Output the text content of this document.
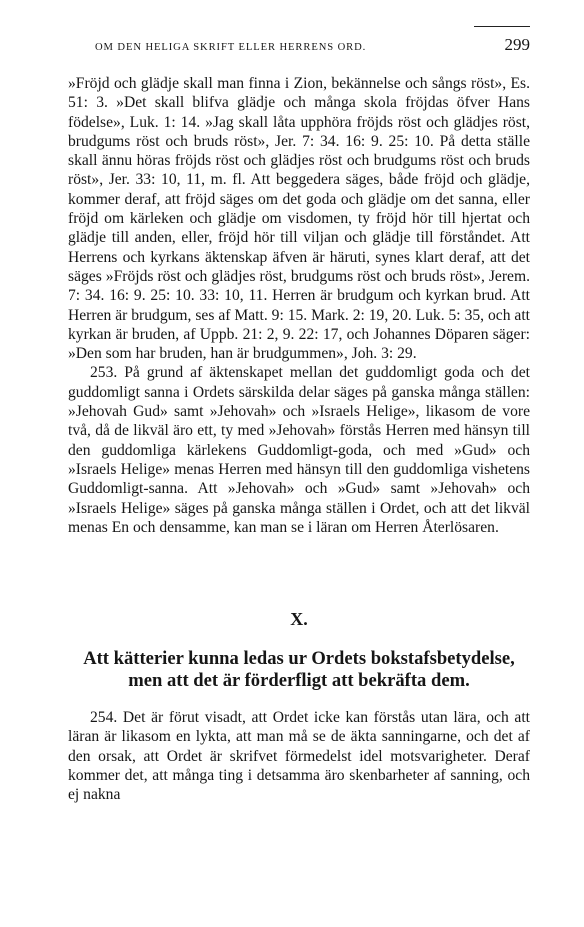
OM DEN HELIGA SKRIFT ELLER HERRENS ORD.	299

»Fröjd och glädje skall man finna i Zion, bekännelse och sångs röst», Es. 51: 3. »Det skall blifva glädje och många skola fröjdas öfver Hans födelse», Luk. 1: 14. »Jag skall låta upphöra fröjds röst och glädjes röst, brudgums röst och bruds röst», Jer. 7: 34. 16: 9. 25: 10. På detta ställe skall ännu höras fröjds röst och glädjes röst och brudgums röst och bruds röst», Jer. 33: 10, 11, m. fl. Att beggedera säges, både fröjd och glädje, kommer deraf, att fröjd säges om det goda och glädje om det sanna, eller fröjd om kärleken och glädje om visdomen, ty fröjd hör till hjertat och glädje till anden, eller, fröjd hör till viljan och glädje till förståndet. Att Herrens och kyrkans äktenskap äfven är häruti, synes klart deraf, att det säges »Fröjds röst och glädjes röst, brudgums röst och bruds röst», Jerem. 7: 34. 16: 9. 25: 10. 33: 10, 11. Herren är brudgum och kyrkan brud. Att Herren är brudgum, ses af Matt. 9: 15. Mark. 2: 19, 20. Luk. 5: 35, och att kyrkan är bruden, af Uppb. 21: 2, 9. 22: 17, och Johannes Döparen säger: »Den som har bruden, han är brudgummen», Joh. 3: 29.

253. På grund af äktenskapet mellan det guddomligt goda och det guddomligt sanna i Ordets särskilda delar säges på ganska många ställen: »Jehovah Gud» samt »Jehovah» och »Israels Helige», likasom de vore två, då de likväl äro ett, ty med »Jehovah» förstås Herren med hänsyn till den guddomliga kärlekens Guddomligt-goda, och med »Gud» och »Israels Helige» menas Herren med hänsyn till den guddomliga vishetens Guddomligt-sanna. Att »Jehovah» och »Gud» samt »Jehovah» och »Israels Helige» säges på ganska många ställen i Ordet, och att det likväl menas En och densamme, kan man se i läran om Herren Återlösaren.

X.
Att kätterier kunna ledas ur Ordets bokstafsbetydelse,
men att det är förderfligt att bekräfta dem.

254. Det är förut visadt, att Ordet icke kan förstås utan lära, och att läran är likasom en lykta, att man må se de äkta sanningarne, och det af den orsak, att Ordet är skrifvet förmedelst idel motsvarigheter. Deraf kommer det, att många ting i detsamma äro skenbarheter af sanning, och ej nakna
